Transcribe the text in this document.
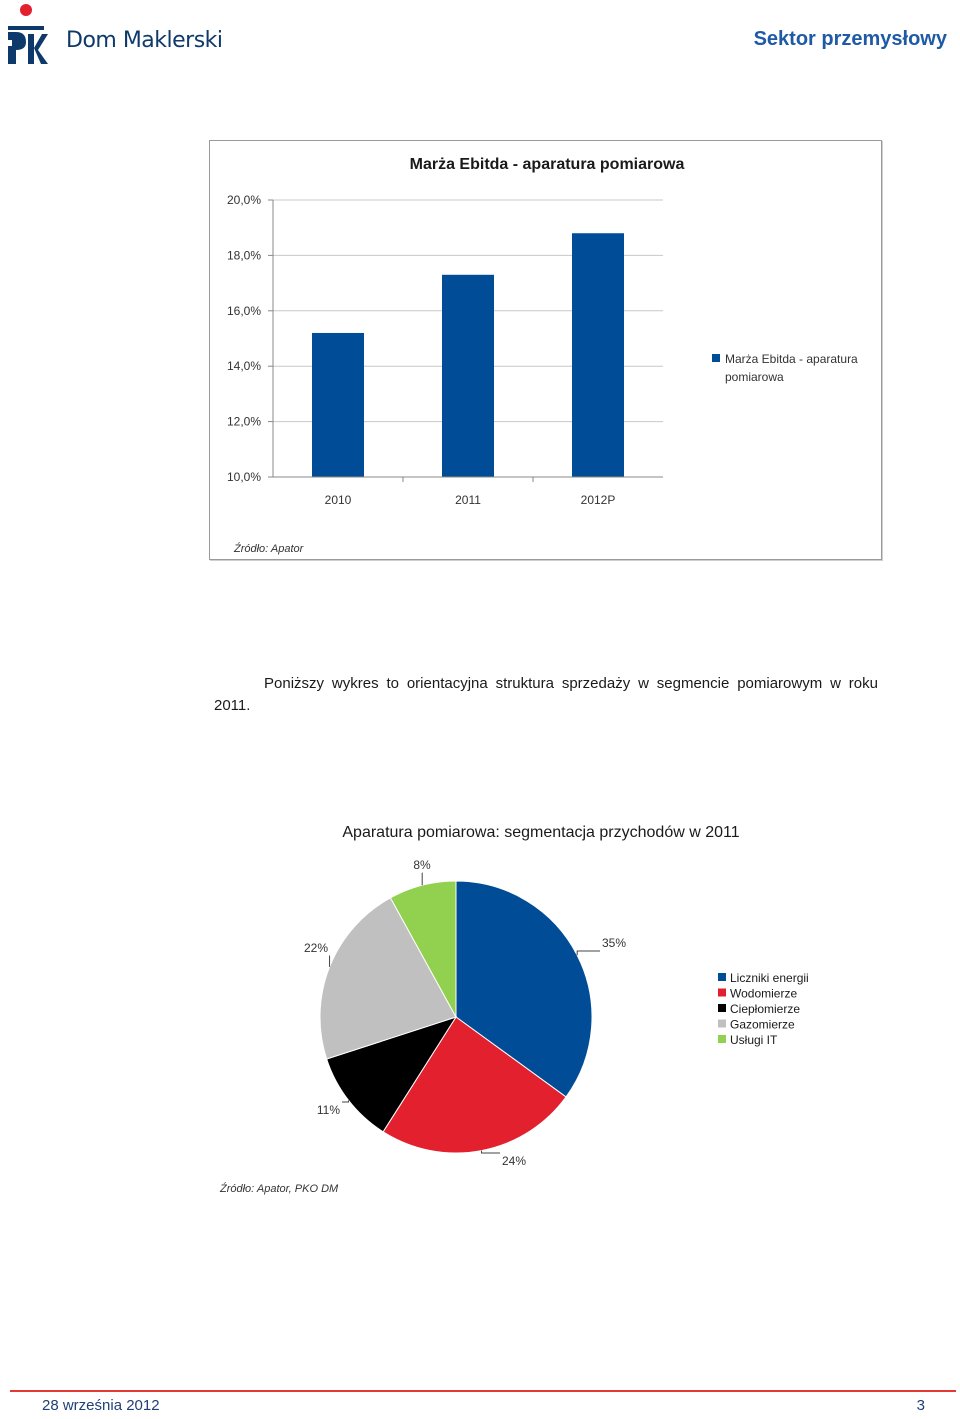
Dom Maklerski	Sektor przemysłowy
Marża Ebitda - aparatura pomiarowa
10,0%
12,0%
14,0%
16,0%
18,0%
20,0%
2010	2011	2012P
Marża Ebitda - aparatura
pomiarowa
Źródło: Apator
Poniższy wykres to orientacyjna struktura sprzedaży w segmencie pomiarowym w roku 2011.
Aparatura pomiarowa: segmentacja przychodów w 2011
35%
24%
11%
22%
8%
Liczniki energii
Wodomierze
Ciepłomierze
Gazomierze
Usługi IT
Źródło: Apator, PKO DM
28 września 2012	3
